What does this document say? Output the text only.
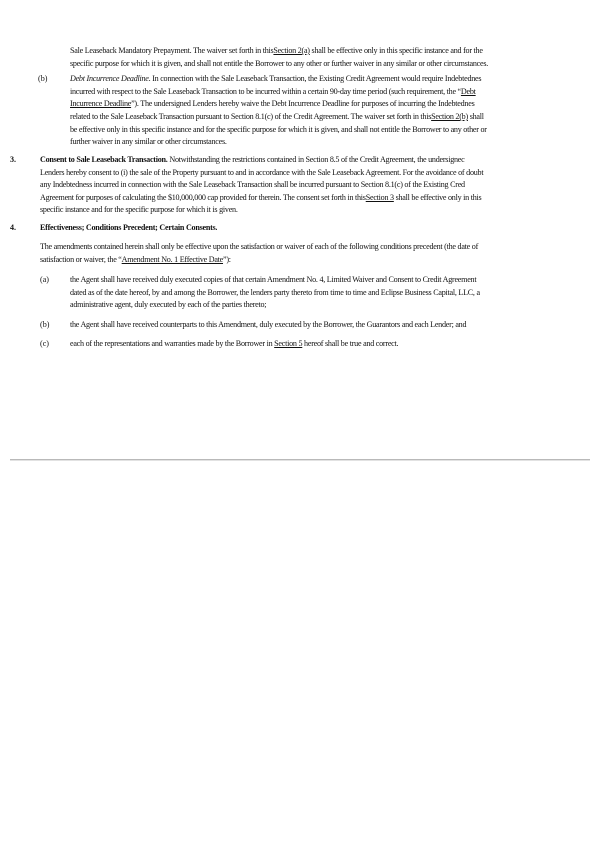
Sale Leaseback Mandatory Prepayment. The waiver set forth in thisSection 2(a) shall be effective only in this specific instance and for the
specific purpose for which it is given, and shall not entitle the Borrower to any other or further waiver in any similar or other circumstances.
(b)	Debt Incurrence Deadline. In connection with the Sale Leaseback Transaction, the Existing Credit Agreement would require Indebtednes
incurred with respect to the Sale Leaseback Transaction to be incurred within a certain 90-day time period (such requirement, the “Debt
Incurrence Deadline”). The undersigned Lenders hereby waive the Debt Incurrence Deadline for purposes of incurring the Indebtednes
related to the Sale Leaseback Transaction pursuant to Section 8.1(c) of the Credit Agreement. The waiver set forth in thisSection 2(b) shall
be effective only in this specific instance and for the specific purpose for which it is given, and shall not entitle the Borrower to any other or
further waiver in any similar or other circumstances.
3.	Consent to Sale Leaseback Transaction. Notwithstanding the restrictions contained in Section 8.5 of the Credit Agreement, the undersignec
Lenders hereby consent to (i) the sale of the Property pursuant to and in accordance with the Sale Leaseback Agreement. For the avoidance of doubt
any Indebtedness incurred in connection with the Sale Leaseback Transaction shall be incurred pursuant to Section 8.1(c) of the Existing Cred
Agreement for purposes of calculating the $10,000,000 cap provided for therein. The consent set forth in thisSection 3 shall be effective only in this
specific instance and for the specific purpose for which it is given.
4.	Effectiveness; Conditions Precedent; Certain Consents.
The amendments contained herein shall only be effective upon the satisfaction or waiver of each of the following conditions precedent (the date of
satisfaction or waiver, the “Amendment No. 1 Effective Date”):
(a)	the Agent shall have received duly executed copies of that certain Amendment No. 4, Limited Waiver and Consent to Credit Agreement
dated as of the date hereof, by and among the Borrower, the lenders party thereto from time to time and Eclipse Business Capital, LLC, a
administrative agent, duly executed by each of the parties thereto;
(b)	the Agent shall have received counterparts to this Amendment, duly executed by the Borrower, the Guarantors and each Lender; and
(c)	each of the representations and warranties made by the Borrower in Section 5 hereof shall be true and correct.
